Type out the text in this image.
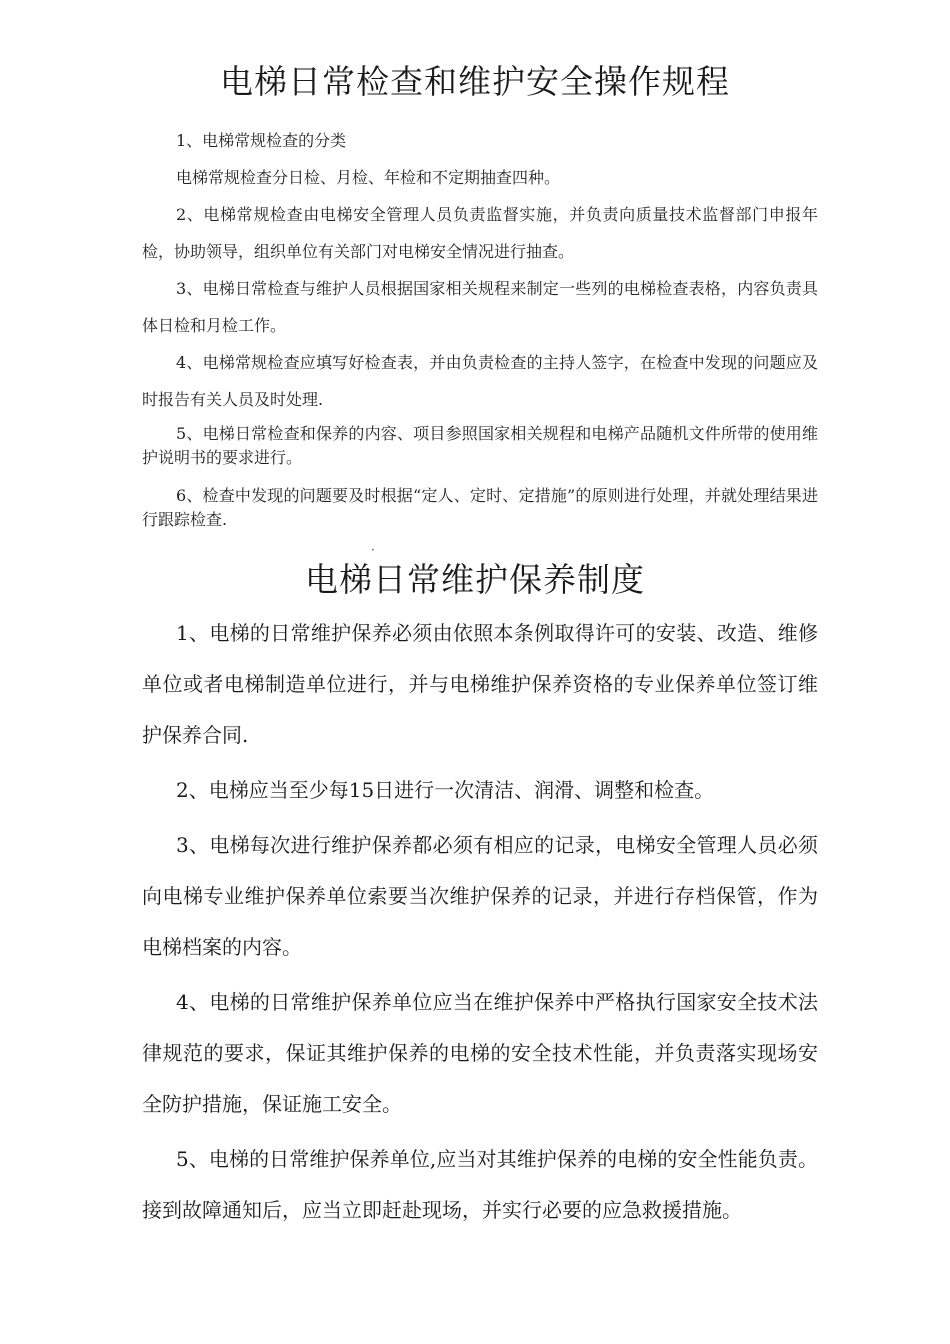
电梯日常检查和维护安全操作规程

1、电梯常规检查的分类

电梯常规检查分日检、月检、年检和不定期抽查四种。

2、电梯常规检查由电梯安全管理人员负责监督实施，并负责向质量技术监督部门申报年检，协助领导，组织单位有关部门对电梯安全情况进行抽查。

3、电梯日常检查与维护人员根据国家相关规程来制定一些列的电梯检查表格，内容负责具体日检和月检工作。

4、电梯常规检查应填写好检查表，并由负责检查的主持人签字，在检查中发现的问题应及时报告有关人员及时处理.

5、电梯日常检查和保养的内容、项目参照国家相关规程和电梯产品随机文件所带的使用维护说明书的要求进行。

6、检查中发现的问题要及时根据“定人、定时、定措施”的原则进行处理，并就处理结果进行跟踪检查.

·
电梯日常维护保养制度

1、电梯的日常维护保养必须由依照本条例取得许可的安装、改造、维修单位或者电梯制造单位进行，并与电梯维护保养资格的专业保养单位签订维护保养合同.

2、电梯应当至少每15日进行一次清洁、润滑、调整和检查。

3、电梯每次进行维护保养都必须有相应的记录，电梯安全管理人员必须向电梯专业维护保养单位索要当次维护保养的记录，并进行存档保管，作为电梯档案的内容。

4、电梯的日常维护保养单位应当在维护保养中严格执行国家安全技术法律规范的要求，保证其维护保养的电梯的安全技术性能，并负责落实现场安全防护措施，保证施工安全。

5、电梯的日常维护保养单位,应当对其维护保养的电梯的安全性能负责。接到故障通知后，应当立即赶赴现场，并实行必要的应急救援措施。
